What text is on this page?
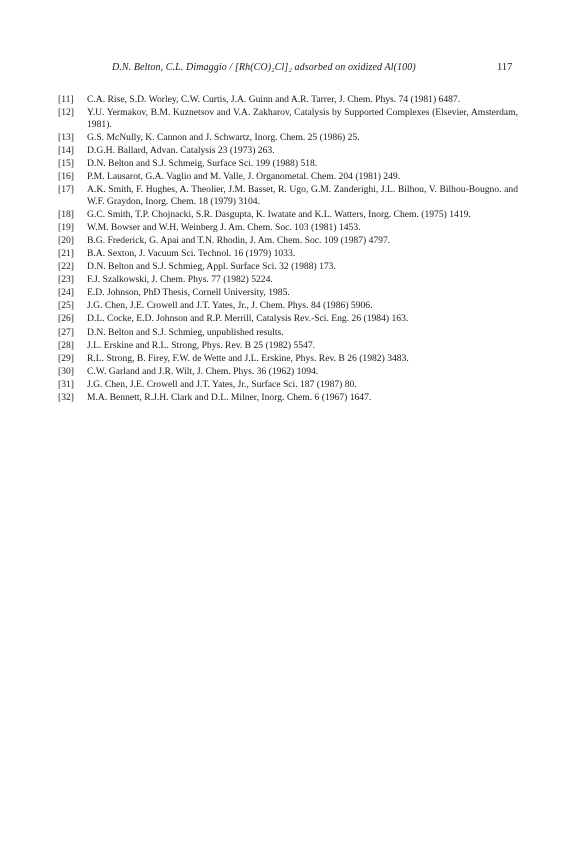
D.N. Belton, C.L. Dimaggio / [Rh(CO)₂Cl]₂ adsorbed on oxidized Al(100)	117
[11] C.A. Rise, S.D. Worley, C.W. Curtis, J.A. Guinn and A.R. Tarrer, J. Chem. Phys. 74 (1981) 6487.
[12] Y.U. Yermakov, B.M. Kuznetsov and V.A. Zakharov, Catalysis by Supported Complexes (Elsevier, Amsterdam, 1981).
[13] G.S. McNully, K. Cannon and J. Schwartz, Inorg. Chem. 25 (1986) 25.
[14] D.G.H. Ballard, Advan. Catalysis 23 (1973) 263.
[15] D.N. Belton and S.J. Schmeig, Surface Sci. 199 (1988) 518.
[16] P.M. Lausarot, G.A. Vaglio and M. Valle, J. Organometal. Chem. 204 (1981) 249.
[17] A.K. Smith, F. Hughes, A. Theolier, J.M. Basset, R. Ugo, G.M. Zanderighi, J.L. Bilhou, V. Bilhou-Bougno. and W.F. Graydon, Inorg. Chem. 18 (1979) 3104.
[18] G.C. Smith, T.P. Chojnacki, S.R. Dasgupta, K. Iwatate and K.L. Watters, Inorg. Chem. (1975) 1419.
[19] W.M. Bowser and W.H. Weinberg J. Am. Chem. Soc. 103 (1981) 1453.
[20] B.G. Frederick, G. Apai and T.N. Rhodin, J. Am. Chem. Soc. 109 (1987) 4797.
[21] B.A. Sexton, J. Vacuum Sci. Technol. 16 (1979) 1033.
[22] D.N. Belton and S.J. Schmieg, Appl. Surface Sci. 32 (1988) 173.
[23] F.J. Szalkowski, J. Chem. Phys. 77 (1982) 5224.
[24] E.D. Johnson, PhD Thesis, Cornell University, 1985.
[25] J.G. Chen, J.E. Crowell and J.T. Yates, Jr., J. Chem. Phys. 84 (1986) 5906.
[26] D.L. Cocke, E.D. Johnson and R.P. Merrill, Catalysis Rev.-Sci. Eng. 26 (1984) 163.
[27] D.N. Belton and S.J. Schmieg, unpublished results.
[28] J.L. Erskine and R.L. Strong, Phys. Rev. B 25 (1982) 5547.
[29] R.L. Strong, B. Firey, F.W. de Wette and J.L. Erskine, Phys. Rev. B 26 (1982) 3483.
[30] C.W. Garland and J.R. Wilt, J. Chem. Phys. 36 (1962) 1094.
[31] J.G. Chen, J.E. Crowell and J.T. Yates, Jr., Surface Sci. 187 (1987) 80.
[32] M.A. Bennett, R.J.H. Clark and D.L. Milner, Inorg. Chem. 6 (1967) 1647.
